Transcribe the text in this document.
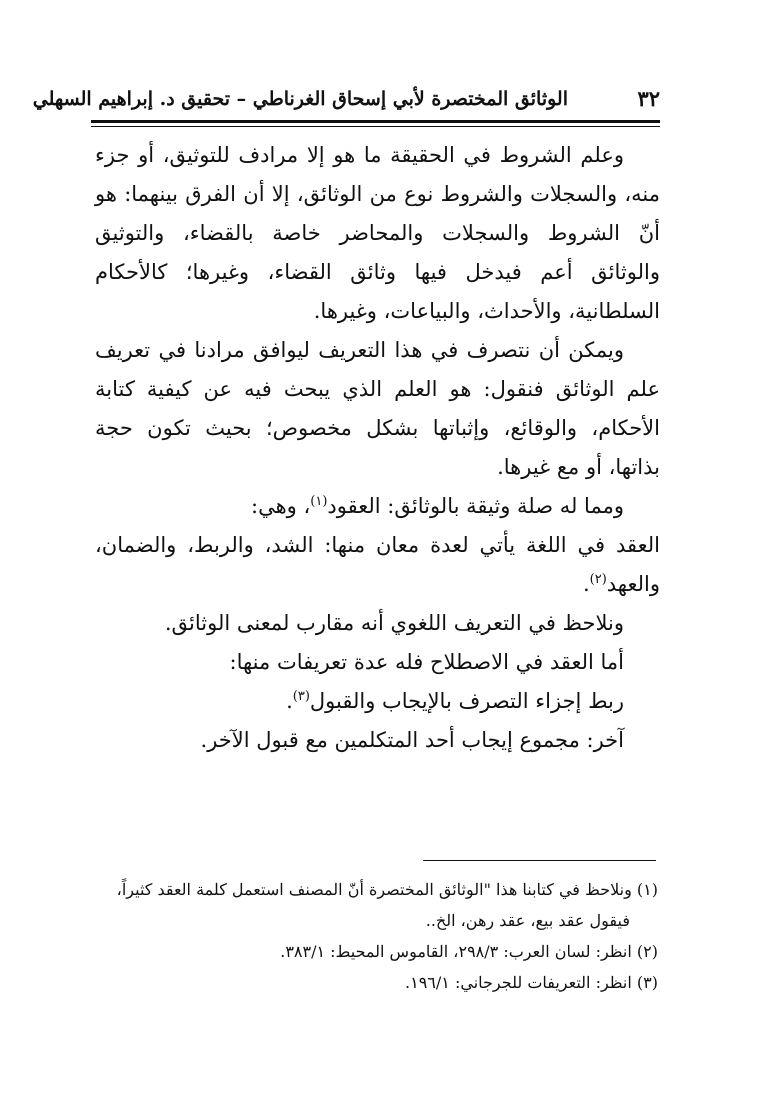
٣٢
الوثائق المختصرة لأبي إسحاق الغرناطي – تحقيق د. إبراهيم السهلي

وعلم الشروط في الحقيقة ما هو إلا مرادف للتوثيق، أو جزء منه، والسجلات والشروط نوع من الوثائق، إلا أن الفرق بينهما: هو أنّ الشروط والسجلات والمحاضر خاصة بالقضاء، والتوثيق والوثائق أعم فيدخل فيها وثائق القضاء، وغيرها؛ كالأحكام السلطانية، والأحداث، والبياعات، وغيرها.

ويمكن أن نتصرف في هذا التعريف ليوافق مرادنا في تعريف علم الوثائق فنقول: هو العلم الذي يبحث فيه عن كيفية كتابة الأحكام، والوقائع، وإثباتها بشكل مخصوص؛ بحيث تكون حجة بذاتها، أو مع غيرها.

ومما له صلة وثيقة بالوثائق: العقود$^{(١)}$، وهي:

العقد في اللغة يأتي لعدة معان منها: الشد، والربط، والضمان، والعهد$^{(٢)}$.

ونلاحظ في التعريف اللغوي أنه مقارب لمعنى الوثائق.

أما العقد في الاصطلاح فله عدة تعريفات منها:

ربط إجزاء التصرف بالإيجاب والقبول$^{(٣)}$.

آخر: مجموع إيجاب أحد المتكلمين مع قبول الآخر.

(١) ونلاحظ في كتابنا هذا "الوثائق المختصرة أنّ المصنف استعمل كلمة العقد كثيراً،

فيقول عقد بيع، عقد رهن، الخ..

(٢) انظر: لسان العرب: ٢٩٨/٣، القاموس المحيط: ٣٨٣/١.

(٣) انظر: التعريفات للجرجاني: ١٩٦/١.
